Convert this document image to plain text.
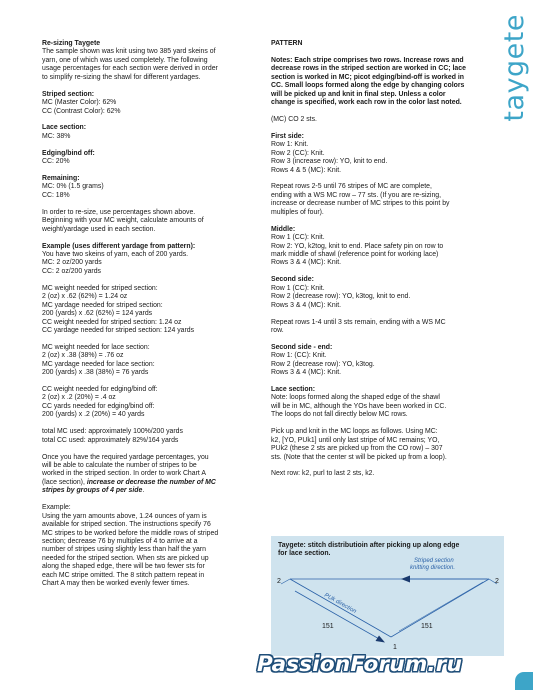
taygete

Re-sizing Taygete
The sample shown was knit using two 385 yard skeins of
yarn, one of which was used completely. The following
usage percentages for each section were derived in order
to simplify re-sizing the shawl for different yardages.

Striped section:
MC (Master Color): 62%
CC (Contrast Color): 62%

Lace section:
MC: 38%

Edging/bind off:
CC: 20%

Remaining:
MC: 0% (1.5 grams)
CC: 18%

In order to re-size, use percentages shown above.
Beginning with your MC weight, calculate amounts of
weight/yardage used in each section.

Example (uses different yardage from pattern):
You have two skeins of yarn, each of 200 yards.
MC: 2 oz/200 yards
CC: 2 oz/200 yards

MC weight needed for striped section:
2 (oz) x .62 (62%) = 1.24 oz
MC yardage needed for striped section:
200 (yards) x .62 (62%) = 124 yards
CC weight needed for striped section: 1.24 oz
CC yardage needed for striped section: 124 yards

MC weight needed for lace section:
2 (oz) x .38 (38%) = .76 oz
MC yardage needed for lace section:
200 (yards) x .38 (38%) = 76 yards

CC weight needed for edging/bind off:
2 (oz) x .2 (20%) = .4 oz
CC yards needed for edging/bind off:
200 (yards) x .2 (20%) = 40 yards

total MC used: approximately 100%/200 yards
total CC used: approximately 82%/164 yards

Once you have the required yardage percentages, you
will be able to calculate the number of stripes to be
worked in the striped section. In order to work Chart A
(lace section), increase or decrease the number of MC
stripes by groups of 4 per side.

Example:
Using the yarn amounts above, 1.24 ounces of yarn is
available for striped section. The instructions specify 76
MC stripes to be worked before the middle rows of striped
section; decrease 76 by multiples of 4 to arrive at a
number of stripes using slightly less than half the yarn
needed for the striped section. When sts are picked up
along the shaped edge, there will be two fewer sts for
each MC stripe omitted. The 8 stitch pattern repeat in
Chart A may then be worked evenly fewer times.

PATTERN

Notes: Each stripe comprises two rows. Increase rows and
decrease rows in the striped section are worked in CC; lace
section is worked in MC; picot edging/bind-off is worked in
CC. Small loops formed along the edge by changing colors
will be picked up and knit in final step. Unless a color
change is specified, work each row in the color last noted.

(MC) CO 2 sts.

First side:
Row 1: Knit.
Row 2 (CC): Knit.
Row 3 (increase row): YO, knit to end.
Rows 4 & 5 (MC): Knit.

Repeat rows 2-5 until 76 stripes of MC are complete,
ending with a WS MC row – 77 sts. (If you are re-sizing,
increase or decrease number of MC stripes to this point by
multiples of four).

Middle:
Row 1 (CC): Knit.
Row 2: YO, k2tog, knit to end. Place safety pin on row to
mark middle of shawl (reference point for working lace)
Rows 3 & 4 (MC): Knit.

Second side:
Row 1 (CC): Knit.
Row 2 (decrease row): YO, k3tog, knit to end.
Rows 3 & 4 (MC): Knit.

Repeat rows 1-4 until 3 sts remain, ending with a WS MC
row.

Second side - end:
Row 1: (CC): Knit.
Row 2 (decrease row): YO, k3tog.
Rows 3 & 4 (MC): Knit.

Lace section:
Note: loops formed along the shaped edge of the shawl
will be in MC, although the YOs have been worked in CC.
The loops do not fall directly below MC rows.

Pick up and knit in the MC loops as follows. Using MC:
k2, [YO, PUk1] until only last stripe of MC remains; YO,
PUk2 (these 2 sts are picked up from the CO row) – 307
sts. (Note that the center st will be picked up from a loop).

Next row: k2, purl to last 2 sts, k2.

Taygete: stitch distributioin after picking up along edge
for lace section.
Striped section
knitting direction.
PUk direction
2	2
151	151
1
PassionForum.ru
